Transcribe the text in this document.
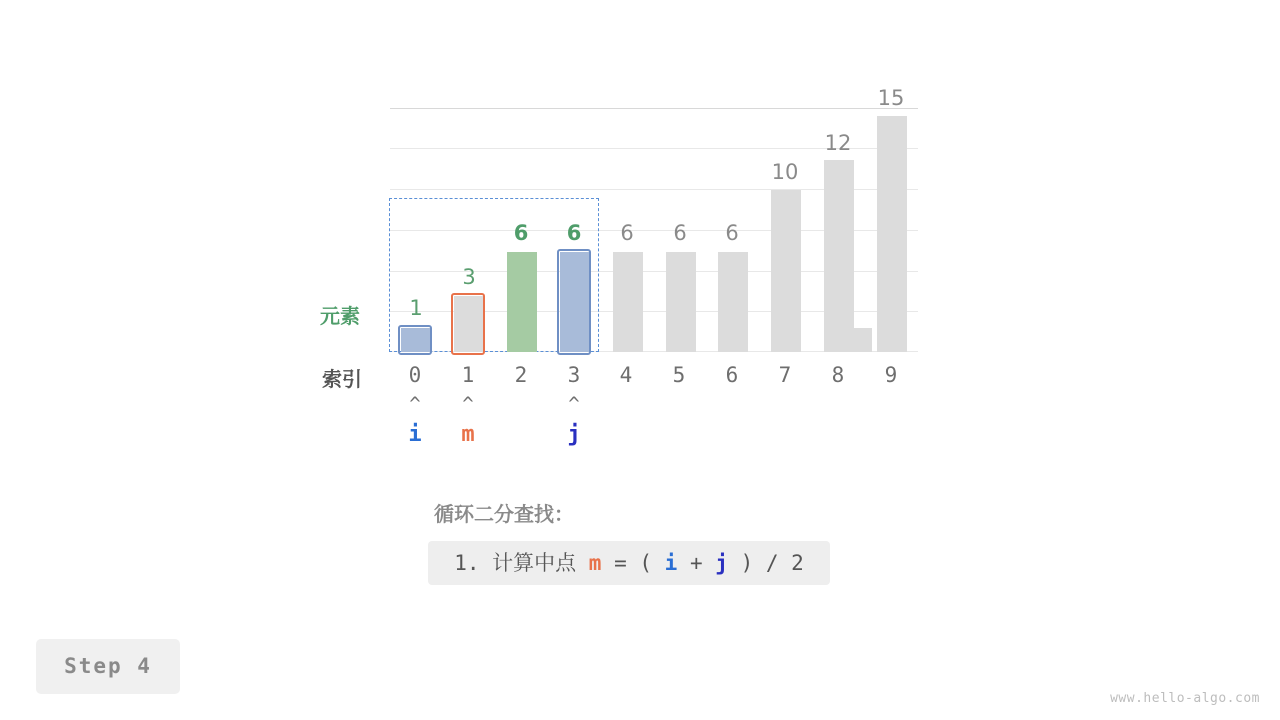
1
3
6	6	6	6	6
10
12
15
元素
索引	0	1	2	3	4	5	6	7	8	9
^	^	^
i	m	j
循环二分查找：
1. 计算中点 m = ( i + j ) / 2
Step 4
www.hello-algo.com
